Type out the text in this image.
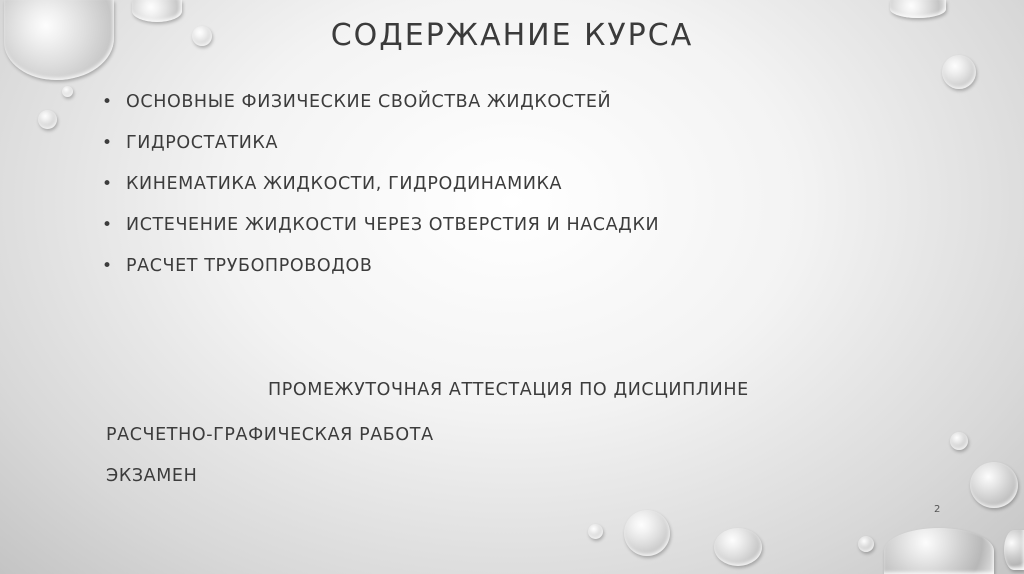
СОДЕРЖАНИЕ КУРСА
• ОСНОВНЫЕ ФИЗИЧЕСКИЕ СВОЙСТВА ЖИДКОСТЕЙ
• ГИДРОСТАТИКА
• КИНЕМАТИКА ЖИДКОСТИ, ГИДРОДИНАМИКА
• ИСТЕЧЕНИЕ ЖИДКОСТИ ЧЕРЕЗ ОТВЕРСТИЯ И НАСАДКИ
• РАСЧЕТ ТРУБОПРОВОДОВ
ПРОМЕЖУТОЧНАЯ АТТЕСТАЦИЯ ПО ДИСЦИПЛИНЕ
РАСЧЕТНО-ГРАФИЧЕСКАЯ РАБОТА
ЭКЗАМЕН
2
